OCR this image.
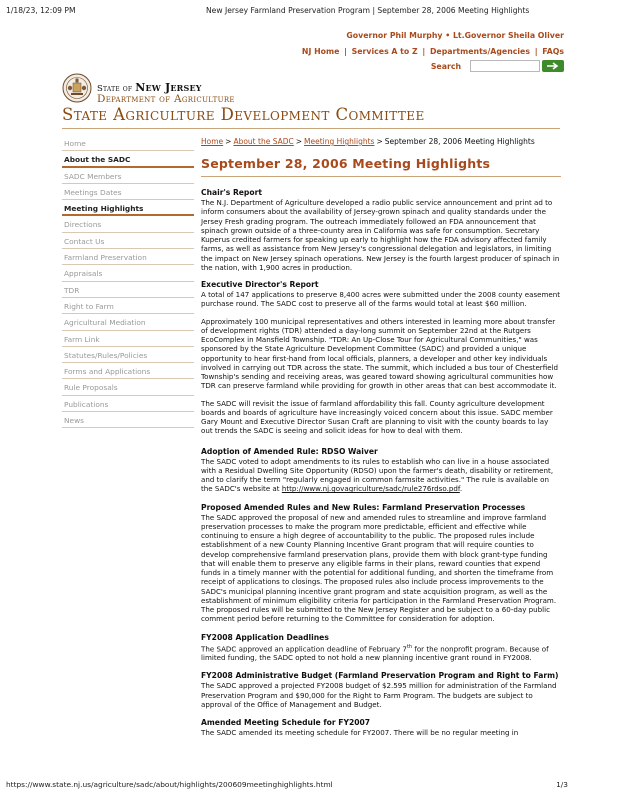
1/18/23, 12:09 PM	New Jersey Farmland Preservation Program | September 28, 2006 Meeting Highlights
Governor Phil Murphy • Lt.Governor Sheila Oliver
NJ Home | Services A to Z | Departments/Agencies | FAQs
Search
State of New Jersey
Department of Agriculture
State Agriculture Development Committee
Home
About the SADC
SADC Members
Meetings Dates
Meeting Highlights
Directions
Contact Us
Farmland Preservation
Appraisals
TDR
Right to Farm
Agricultural Mediation
Farm Link
Statutes/Rules/Policies
Forms and Applications
Rule Proposals
Publications
News
Home > About the SADC > Meeting Highlights > September 28, 2006 Meeting Highlights
September 28, 2006 Meeting Highlights
Chair's Report

The N.J. Department of Agriculture developed a radio public service announcement and print ad to inform consumers about the availability of Jersey-grown spinach and quality standards under the Jersey Fresh grading program. The outreach immediately followed an FDA announcement that spinach grown outside of a three-county area in California was safe for consumption. Secretary Kuperus credited farmers for speaking up early to highlight how the FDA advisory affected family farms, as well as assistance from New Jersey's congressional delegation and legislators, in limiting the impact on New Jersey spinach operations. New Jersey is the fourth largest producer of spinach in the nation, with 1,900 acres in production.

Executive Director's Report

A total of 147 applications to preserve 8,400 acres were submitted under the 2008 county easement purchase round. The SADC cost to preserve all of the farms would total at least $60 million.

Approximately 100 municipal representatives and others interested in learning more about transfer of development rights (TDR) attended a day-long summit on September 22nd at the Rutgers EcoComplex in Mansfield Township. "TDR: An Up-Close Tour for Agricultural Communities," was sponsored by the State Agriculture Development Committee (SADC) and provided a unique opportunity to hear first-hand from local officials, planners, a developer and other key individuals involved in carrying out TDR across the state. The summit, which included a bus tour of Chesterfield Township's sending and receiving areas, was geared toward showing agricultural communities how TDR can preserve farmland while providing for growth in other areas that can best accommodate it.

The SADC will revisit the issue of farmland affordability this fall. County agriculture development boards and boards of agriculture have increasingly voiced concern about this issue. SADC member Gary Mount and Executive Director Susan Craft are planning to visit with the county boards to lay out trends the SADC is seeing and solicit ideas for how to deal with them.

Adoption of Amended Rule: RDSO Waiver

The SADC voted to adopt amendments to its rules to establish who can live in a house associated with a Residual Dwelling Site Opportunity (RDSO) upon the farmer's death, disability or retirement, and to clarify the term "regularly engaged in common farmsite activities." The rule is available on the SADC's website at http://www.nj.govagriculture/sadc/rule276rdso.pdf.

Proposed Amended Rules and New Rules: Farmland Preservation Processes

The SADC approved the proposal of new and amended rules to streamline and improve farmland preservation processes to make the program more predictable, efficient and effective while continuing to ensure a high degree of accountability to the public. The proposed rules include establishment of a new County Planning Incentive Grant program that will require counties to develop comprehensive farmland preservation plans, provide them with block grant-type funding that will enable them to preserve any eligible farms in their plans, reward counties that expend funds in a timely manner with the potential for additional funding, and shorten the timeframe from receipt of applications to closings. The proposed rules also include process improvements to the SADC's municipal planning incentive grant program and state acquisition program, as well as the establishment of minimum eligibility criteria for participation in the Farmland Preservation Program. The proposed rules will be submitted to the New Jersey Register and be subject to a 60-day public comment period before returning to the Committee for consideration for adoption.

FY2008 Application Deadlines

The SADC approved an application deadline of February 7th for the nonprofit program. Because of limited funding, the SADC opted to not hold a new planning incentive grant round in FY2008.

FY2008 Administrative Budget (Farmland Preservation Program and Right to Farm)

The SADC approved a projected FY2008 budget of $2.595 million for administration of the Farmland Preservation Program and $90,000 for the Right to Farm Program. The budgets are subject to approval of the Office of Management and Budget.

Amended Meeting Schedule for FY2007

The SADC amended its meeting schedule for FY2007. There will be no regular meeting in

https://www.state.nj.us/agriculture/sadc/about/highlights/200609meetinghighlights.html	1/3
